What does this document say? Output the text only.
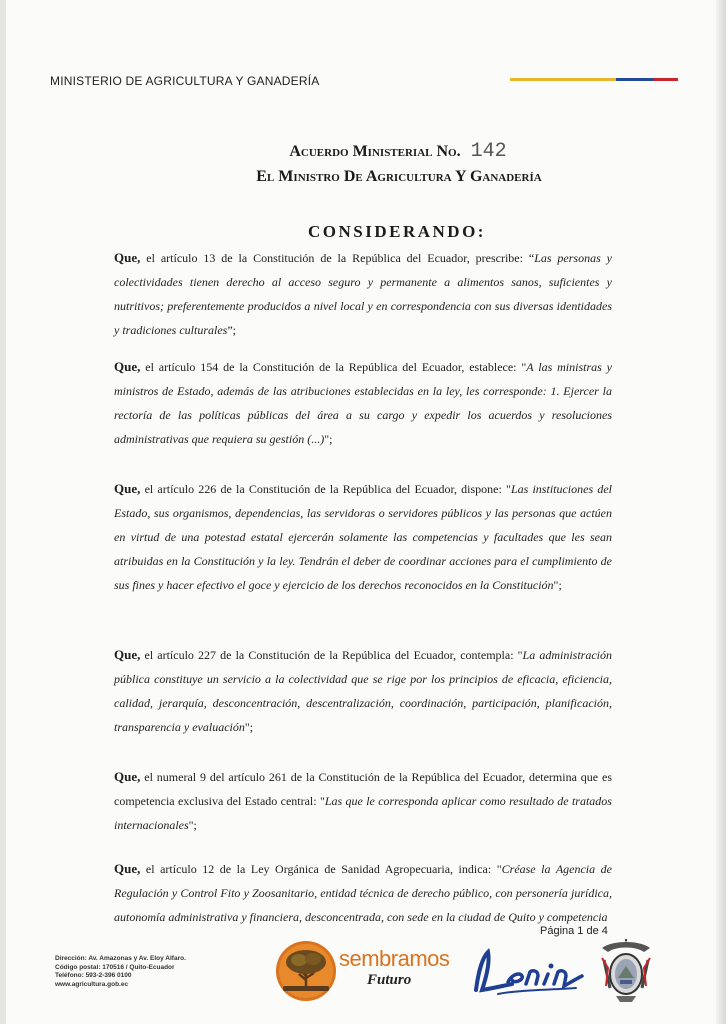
MINISTERIO DE AGRICULTURA Y GANADERÍA
Acuerdo Ministerial No. 142
El Ministro De Agricultura Y Ganadería
CONSIDERANDO:
Que, el artículo 13 de la Constitución de la República del Ecuador, prescribe: “Las personas y colectividades tienen derecho al acceso seguro y permanente a alimentos sanos, suficientes y nutritivos; preferentemente producidos a nivel local y en correspondencia con sus diversas identidades y tradiciones culturales”;
Que, el artículo 154 de la Constitución de la República del Ecuador, establece: "A las ministras y ministros de Estado, además de las atribuciones establecidas en la ley, les corresponde: 1. Ejercer la rectoría de las políticas públicas del área a su cargo y expedir los acuerdos y resoluciones administrativas que requiera su gestión (...)";
Que, el artículo 226 de la Constitución de la República del Ecuador, dispone: "Las instituciones del Estado, sus organismos, dependencias, las servidoras o servidores públicos y las personas que actúen en virtud de una potestad estatal ejercerán solamente las competencias y facultades que les sean atribuidas en la Constitución y la ley. Tendrán el deber de coordinar acciones para el cumplimiento de sus fines y hacer efectivo el goce y ejercicio de los derechos reconocidos en la Constitución";
Que, el artículo 227 de la Constitución de la República del Ecuador, contempla: "La administración pública constituye un servicio a la colectividad que se rige por los principios de eficacia, eficiencia, calidad, jerarquía, desconcentración, descentralización, coordinación, participación, planificación, transparencia y evaluación";
Que, el numeral 9 del artículo 261 de la Constitución de la República del Ecuador, determina que es competencia exclusiva del Estado central: "Las que le corresponda aplicar como resultado de tratados internacionales";
Que, el artículo 12 de la Ley Orgánica de Sanidad Agropecuaria, indica: "Créase la Agencia de Regulación y Control Fito y Zoosanitario, entidad técnica de derecho público, con personería jurídica, autonomía administrativa y financiera, desconcentrada, con sede en la ciudad de Quito y competencia
Página 1 de 4
Dirección: Av. Amazonas y Av. Eloy Alfaro.
Código postal: 170516 / Quito-Ecuador
Teléfono: 593-2-396 0100
www.agricultura.gob.ec
sembramos
Futuro
